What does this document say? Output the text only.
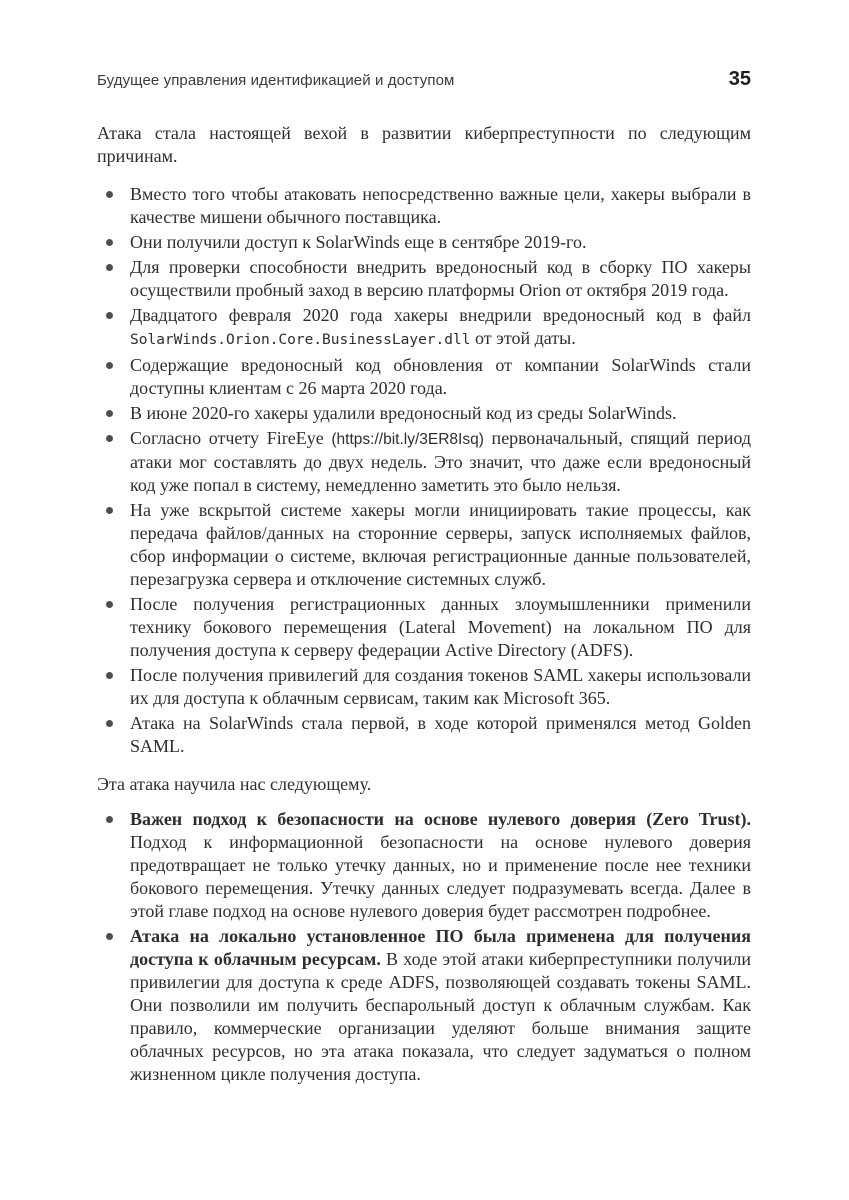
Будущее управления идентификацией и доступом	35

Атака стала настоящей вехой в развитии киберпреступности по следующим причинам.

Вместо того чтобы атаковать непосредственно важные цели, хакеры выбрали в качестве мишени обычного поставщика.

Они получили доступ к SolarWinds еще в сентябре 2019-го.

Для проверки способности внедрить вредоносный код в сборку ПО хакеры осуществили пробный заход в версию платформы Orion от октября 2019 года.

Двадцатого февраля 2020 года хакеры внедрили вредоносный код в файл SolarWinds.Orion.Core.BusinessLayer.dll от этой даты.

Содержащие вредоносный код обновления от компании SolarWinds стали доступны клиентам с 26 марта 2020 года.

В июне 2020-го хакеры удалили вредоносный код из среды SolarWinds.

Согласно отчету FireEye (https://bit.ly/3ER8Isq) первоначальный, спящий период атаки мог составлять до двух недель. Это значит, что даже если вредоносный код уже попал в систему, немедленно заметить это было нельзя.

На уже вскрытой системе хакеры могли инициировать такие процессы, как передача файлов/данных на сторонние серверы, запуск исполняемых файлов, сбор информации о системе, включая регистрационные данные пользователей, перезагрузка сервера и отключение системных служб.

После получения регистрационных данных злоумышленники применили технику бокового перемещения (Lateral Movement) на локальном ПО для получения доступа к серверу федерации Active Directory (ADFS).

После получения привилегий для создания токенов SAML хакеры использовали их для доступа к облачным сервисам, таким как Microsoft 365.

Атака на SolarWinds стала первой, в ходе которой применялся метод Golden SAML.

Эта атака научила нас следующему.

Важен подход к безопасности на основе нулевого доверия (Zero Trust). Подход к информационной безопасности на основе нулевого доверия предотвращает не только утечку данных, но и применение после нее техники бокового перемещения. Утечку данных следует подразумевать всегда. Далее в этой главе подход на основе нулевого доверия будет рассмотрен подробнее.

Атака на локально установленное ПО была применена для получения доступа к облачным ресурсам. В ходе этой атаки киберпреступники получили привилегии для доступа к среде ADFS, позволяющей создавать токены SAML. Они позволили им получить беспарольный доступ к облачным службам. Как правило, коммерческие организации уделяют больше внимания защите облачных ресурсов, но эта атака показала, что следует задуматься о полном жизненном цикле получения доступа.
